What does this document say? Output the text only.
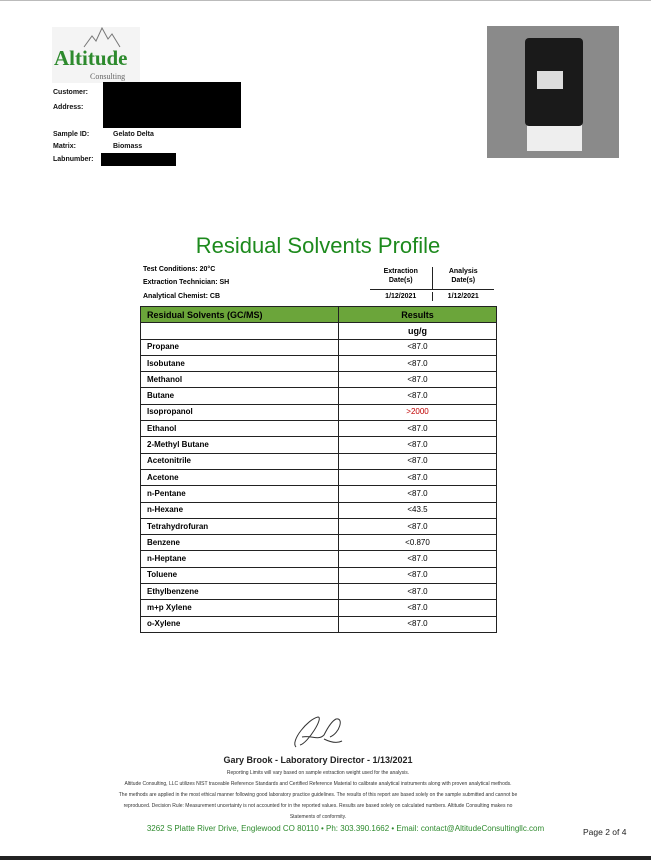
Altitude
Consulting
Customer:
Address:
Sample ID:	Gelato Delta
Matrix:	Biomass
Labnumber:
Residual Solvents Profile
Test Conditions: 20°C
Extraction Technician: SH
Analytical Chemist: CB
Extraction Date(s)
Analysis Date(s)
1/12/2021	1/12/2021
Residual Solvents (GC/MS)	Results
	ug/g
Propane	<87.0
Isobutane	<87.0
Methanol	<87.0
Butane	<87.0
Isopropanol	>2000
Ethanol	<87.0
2-Methyl Butane	<87.0
Acetonitrile	<87.0
Acetone	<87.0
n-Pentane	<87.0
n-Hexane	<43.5
Tetrahydrofuran	<87.0
Benzene	<0.870
n-Heptane	<87.0
Toluene	<87.0
Ethylbenzene	<87.0
m+p Xylene	<87.0
o-Xylene	<87.0
Gary Brook - Laboratory Director - 1/13/2021
Reporting Limits will vary based on sample extraction weight used for the analysis.
Altitude Consulting, LLC utilizes NIST traceable Reference Standards and Certified Reference Material to calibrate analytical instruments along with proven analytical methods.
The methods are applied in the most ethical manner following good laboratory practice guidelines. The results of this report are based solely on the sample submitted and cannot be
reproduced. Decision Rule: Measurement uncertainty is not accounted for in the reported values. Results are based solely on calculated numbers. Altitude Consulting makes no
Statements of conformity.
3262 S Platte River Drive, Englewood CO 80110 • Ph: 303.390.1662 • Email: contact@AltitudeConsultingllc.com	Page 2 of 4
